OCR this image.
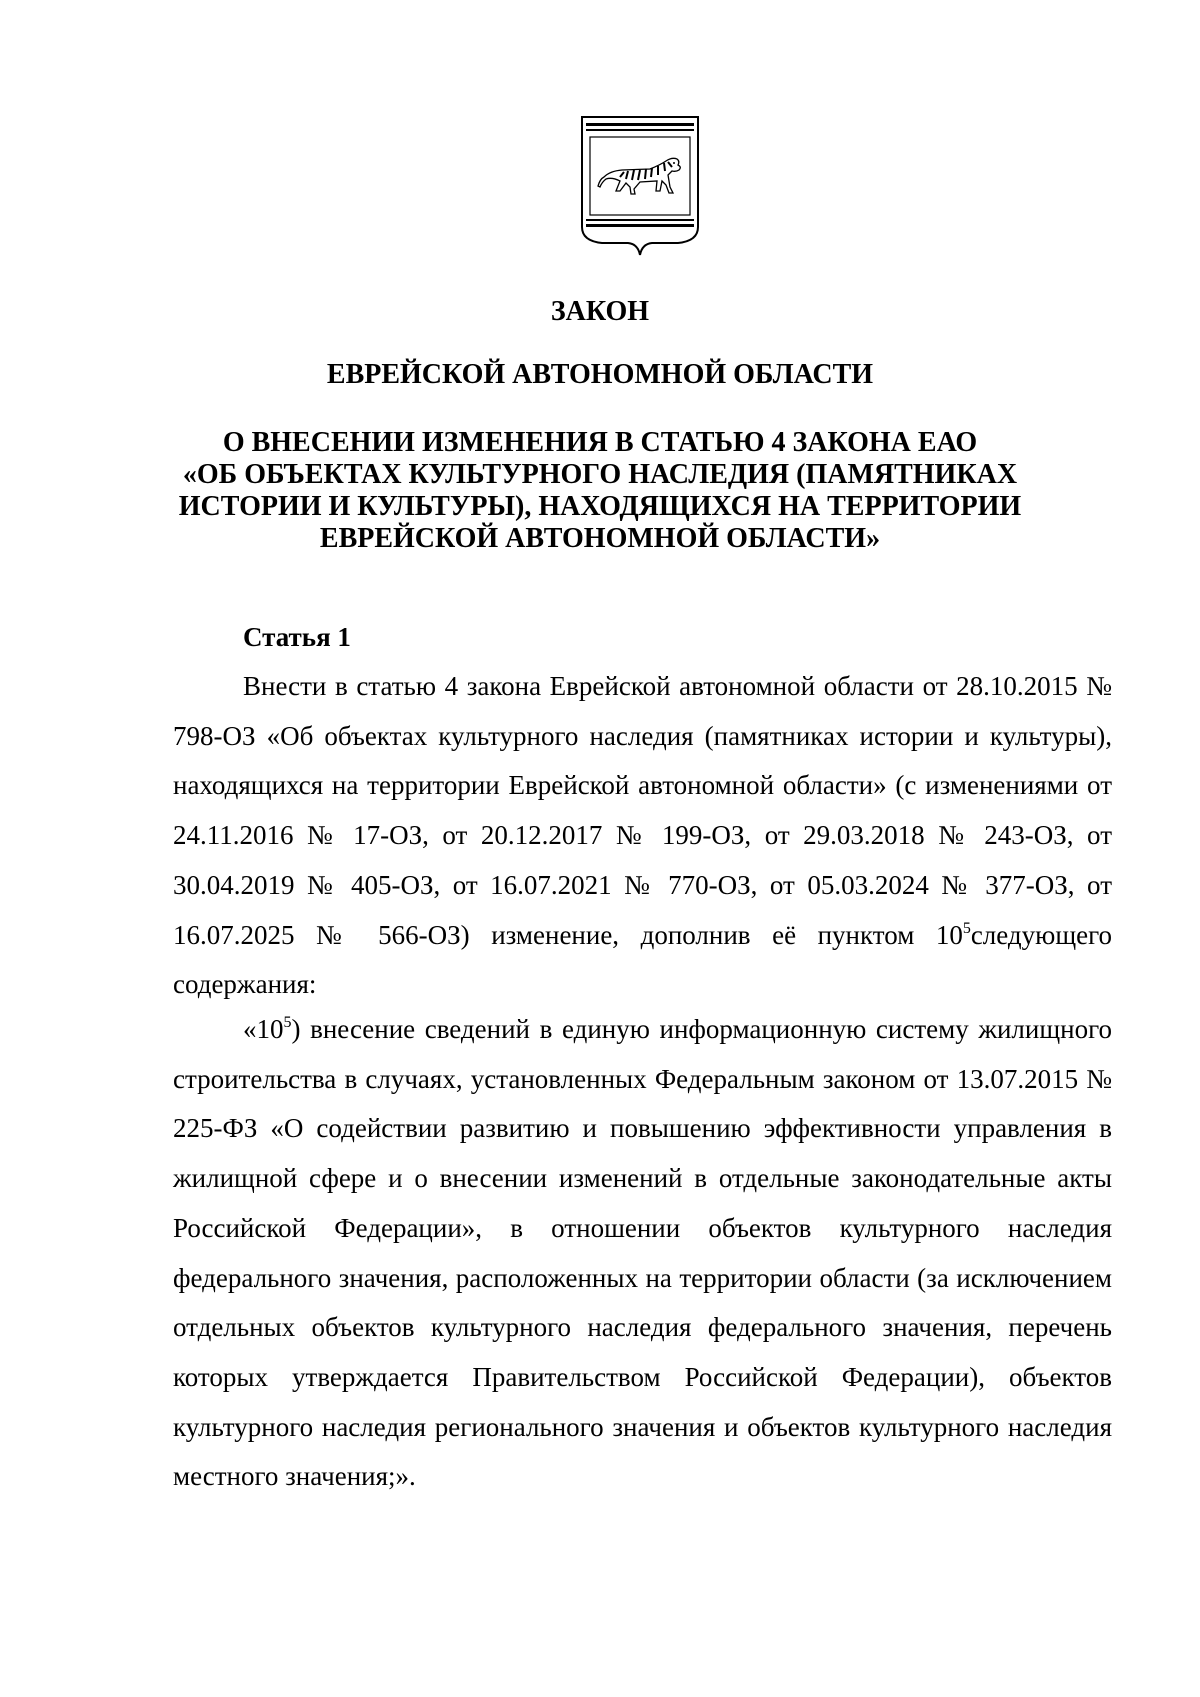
ЗАКОН
ЕВРЕЙСКОЙ АВТОНОМНОЙ ОБЛАСТИ
О ВНЕСЕНИИ ИЗМЕНЕНИЯ В СТАТЬЮ 4 ЗАКОНА ЕАО
«ОБ ОБЪЕКТАХ КУЛЬТУРНОГО НАСЛЕДИЯ (ПАМЯТНИКАХ
ИСТОРИИ И КУЛЬТУРЫ), НАХОДЯЩИХСЯ НА ТЕРРИТОРИИ
ЕВРЕЙСКОЙ АВТОНОМНОЙ ОБЛАСТИ»
Статья 1
Внести в статью 4 закона Еврейской автономной области от 28.10.2015 № 798-ОЗ «Об объектах культурного наследия (памятниках истории и культуры), находящихся на территории Еврейской автономной области» (с изменениями от 24.11.2016 № 17-ОЗ, от 20.12.2017 № 199-ОЗ, от 29.03.2018 № 243-ОЗ, от 30.04.2019 № 405-ОЗ, от 16.07.2021 № 770-ОЗ, от 05.03.2024 № 377-ОЗ, от 16.07.2025 № 566-ОЗ) изменение, дополнив её пунктом $10^5следующего$ содержания:
«$10^5$) внесение сведений в единую информационную систему жилищного строительства в случаях, установленных Федеральным законом от 13.07.2015 № 225-ФЗ «О содействии развитию и повышению эффективности управления в жилищной сфере и о внесении изменений в отдельные законодательные акты Российской Федерации», в отношении объектов культурного наследия федерального значения, расположенных на территории области (за исключением отдельных объектов культурного наследия федерального значения, перечень которых утверждается Правительством Российской Федерации), объектов культурного наследия регионального значения и объектов культурного наследия местного значения;».
